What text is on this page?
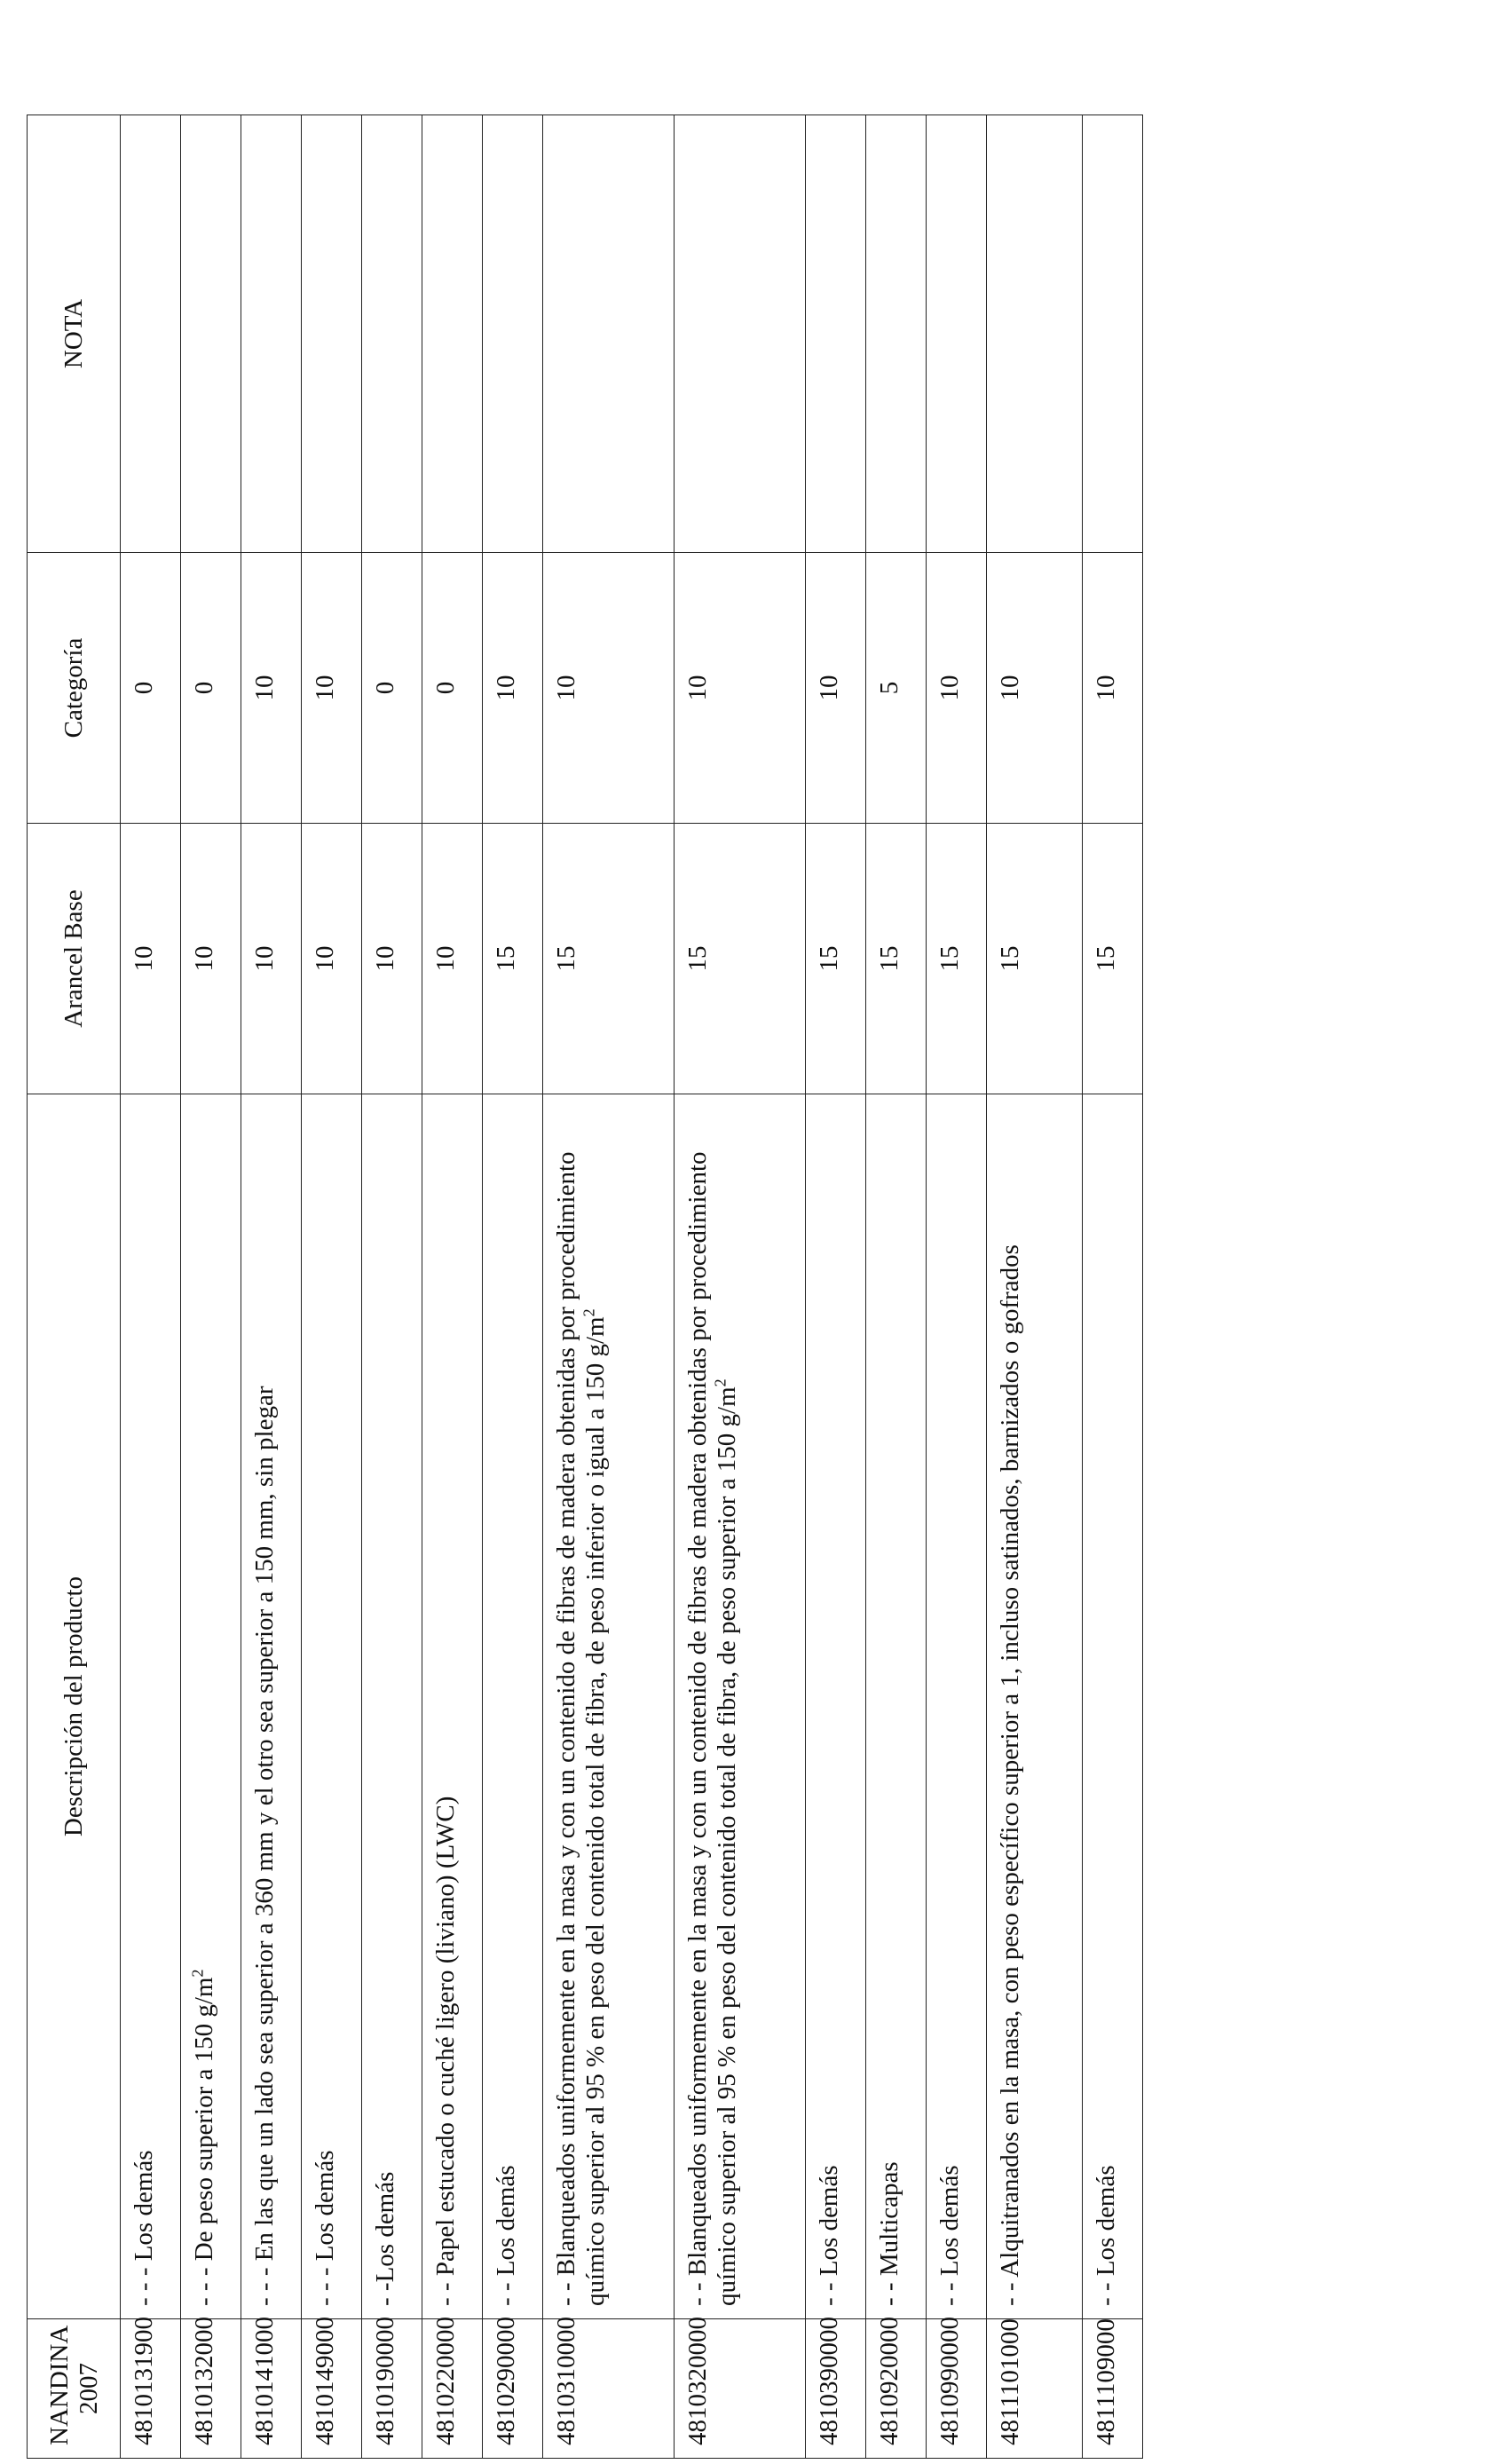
NANDINA 2007	Descripción del producto	Arancel Base	Categoría	NOTA
4810131900	- - - Los demás	10	0	
4810132000	- - - De peso superior a 150 $g/m^2$	10	0	
4810141000	- - - En las que un lado sea superior a 360 mm y el otro sea superior a 150 mm, sin plegar	10	10	
4810149000	- - - Los demás	10	10	
4810190000	- -Los demás	10	0	
4810220000	- - Papel estucado o cuché ligero (liviano) (LWC)	10	0	
4810290000	- - Los demás	15	10	
4810310000	- - Blanqueados uniformemente en la masa y con un contenido de fibras de madera obtenidas por procedimiento químico superior al 95 % en peso del contenido total de fibra, de peso inferior o igual a 150 $g/m^2$	15	10	
4810320000	- - Blanqueados uniformemente en la masa y con un contenido de fibras de madera obtenidas por procedimiento químico superior al 95 % en peso del contenido total de fibra, de peso superior a 150 $g/m^2$	15	10	
4810390000	- - Los demás	15	10	
4810920000	- - Multicapas	15	5	
4810990000	- - Los demás	15	10	
4811101000	- - Alquitranados en la masa, con peso específico superior a 1, incluso satinados, barnizados o gofrados	15	10	
4811109000	- - Los demás	15	10	
